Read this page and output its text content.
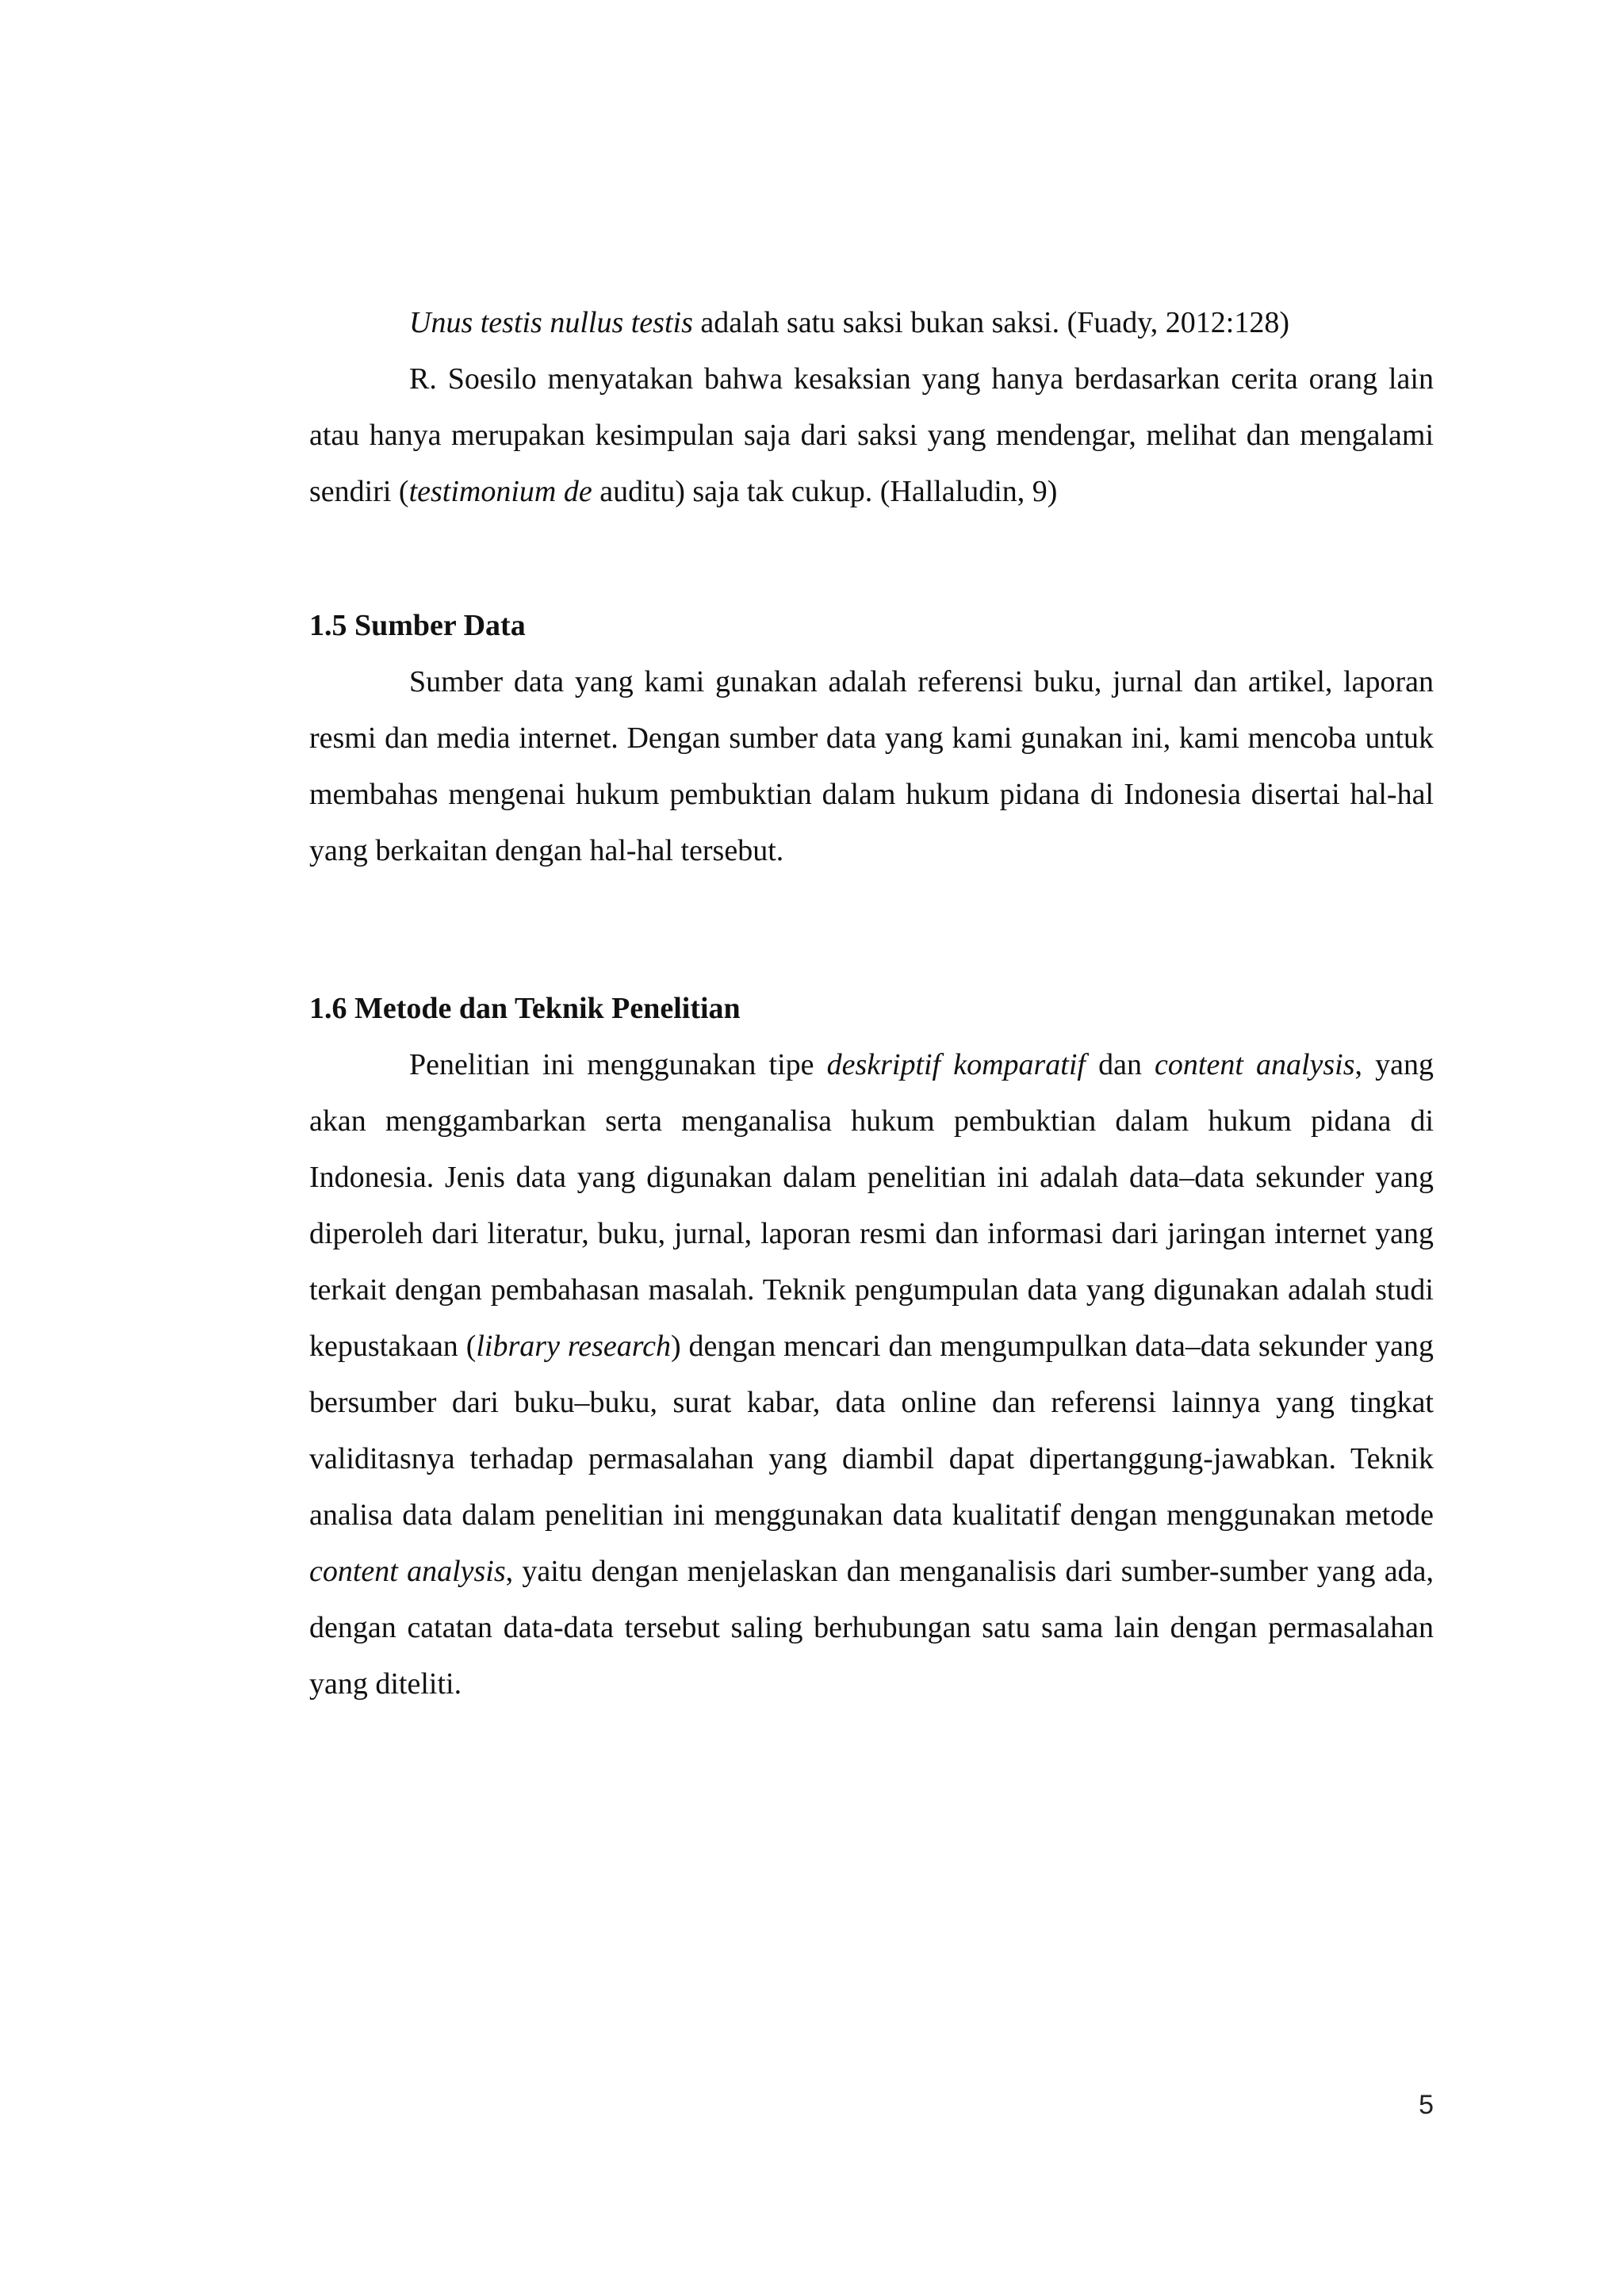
Unus testis nullus testis adalah satu saksi bukan saksi. (Fuady, 2012:128)

R. Soesilo menyatakan bahwa kesaksian yang hanya berdasarkan cerita orang lain atau hanya merupakan kesimpulan saja dari saksi yang mendengar, melihat dan mengalami sendiri (testimonium de auditu) saja tak cukup. (Hallaludin, 9)

1.5 Sumber Data

Sumber data yang kami gunakan adalah referensi buku, jurnal dan artikel, laporan resmi dan media internet. Dengan sumber data yang kami gunakan ini, kami mencoba untuk membahas mengenai hukum pembuktian dalam hukum pidana di Indonesia disertai hal-hal yang berkaitan dengan hal-hal tersebut.

1.6 Metode dan Teknik Penelitian

Penelitian ini menggunakan tipe deskriptif komparatif dan content analysis, yang akan menggambarkan serta menganalisa hukum pembuktian dalam hukum pidana di Indonesia. Jenis data yang digunakan dalam penelitian ini adalah data–data sekunder yang diperoleh dari literatur, buku, jurnal, laporan resmi dan informasi dari jaringan internet yang terkait dengan pembahasan masalah. Teknik pengumpulan data yang digunakan adalah studi kepustakaan (library research) dengan mencari dan mengumpulkan data–data sekunder yang bersumber dari buku–buku, surat kabar, data online dan referensi lainnya yang tingkat validitasnya terhadap permasalahan yang diambil dapat dipertanggung-jawabkan. Teknik analisa data dalam penelitian ini menggunakan data kualitatif dengan menggunakan metode content analysis, yaitu dengan menjelaskan dan menganalisis dari sumber-sumber yang ada, dengan catatan data-data tersebut saling berhubungan satu sama lain dengan permasalahan yang diteliti.

5
